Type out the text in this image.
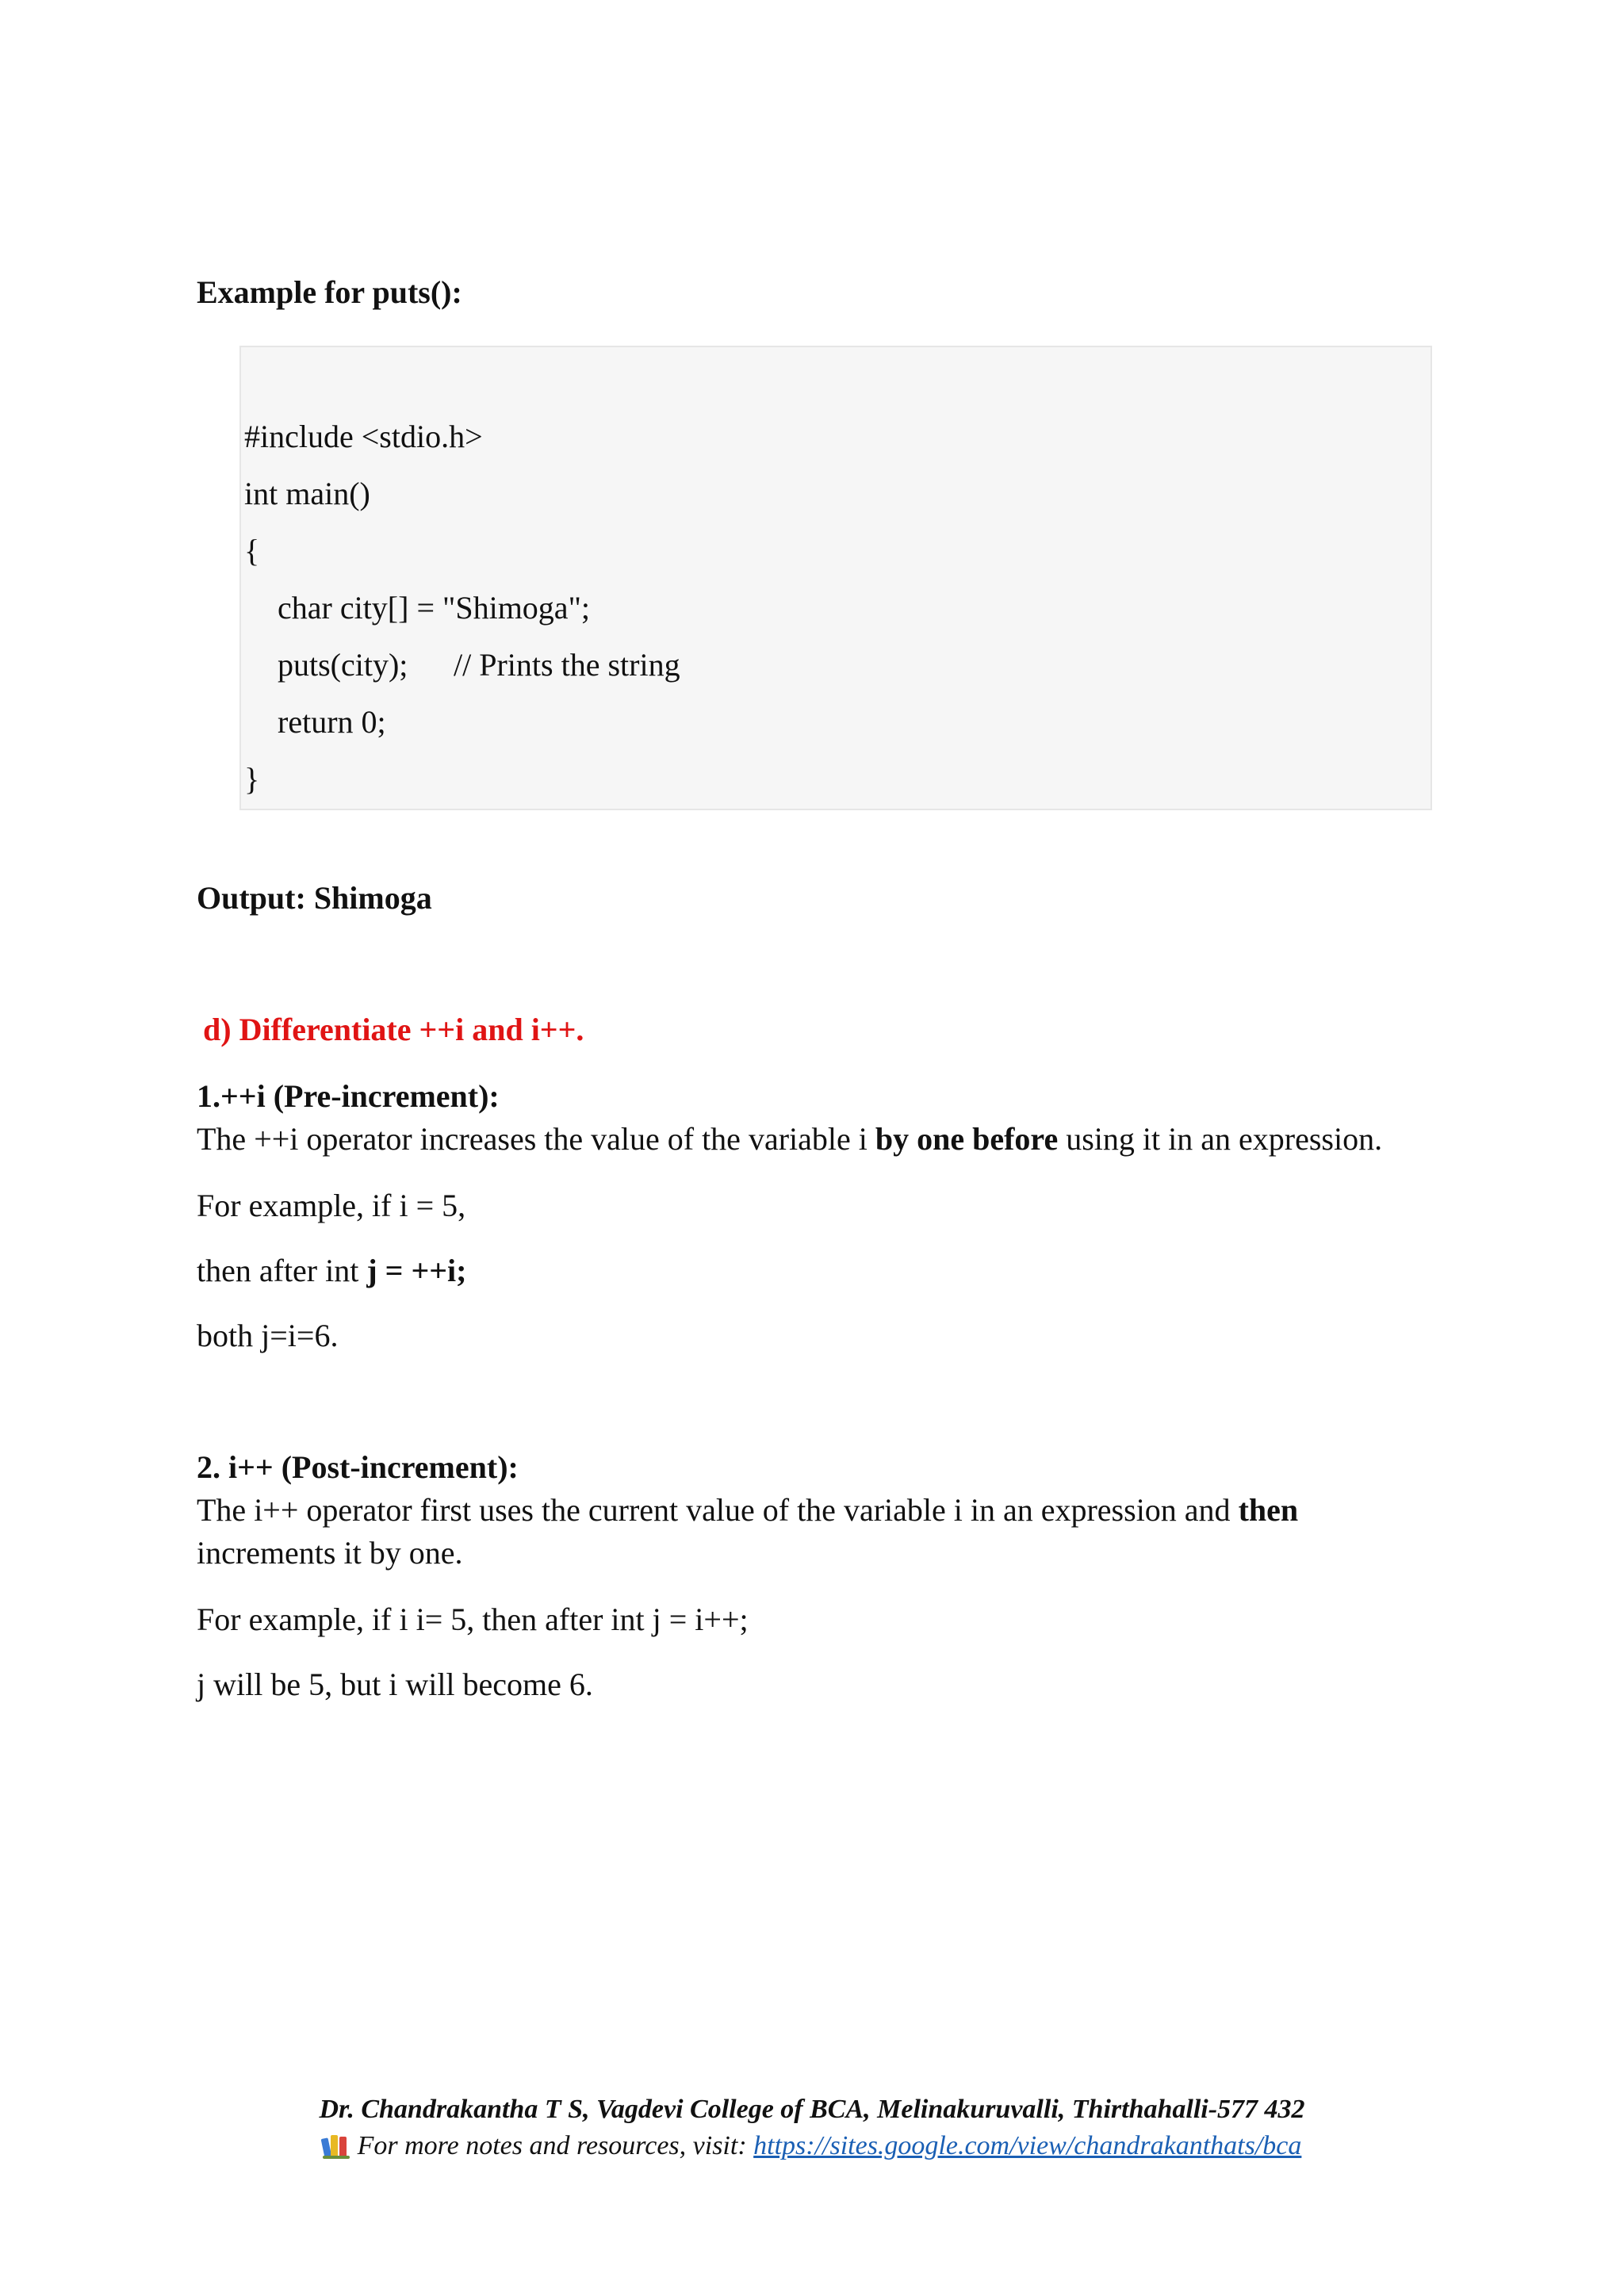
Example for puts():
#include <stdio.h>
int main()
{
char city[] = "Shimoga";
puts(city); // Prints the string
return 0;
}
Output: Shimoga
d) Differentiate ++i and i++.
1.++i (Pre-increment):
The ++i operator increases the value of the variable i by one before using it in an expression.
For example, if i = 5,
then after int j = ++i;
both j=i=6.
2. i++ (Post-increment):
The i++ operator first uses the current value of the variable i in an expression and then
increments it by one.
For example, if i i= 5, then after int j = i++;
j will be 5, but i will become 6.
Dr. Chandrakantha T S, Vagdevi College of BCA, Melinakuruvalli, Thirthahalli-577 432
For more notes and resources, visit: https://sites.google.com/view/chandrakanthats/bca
